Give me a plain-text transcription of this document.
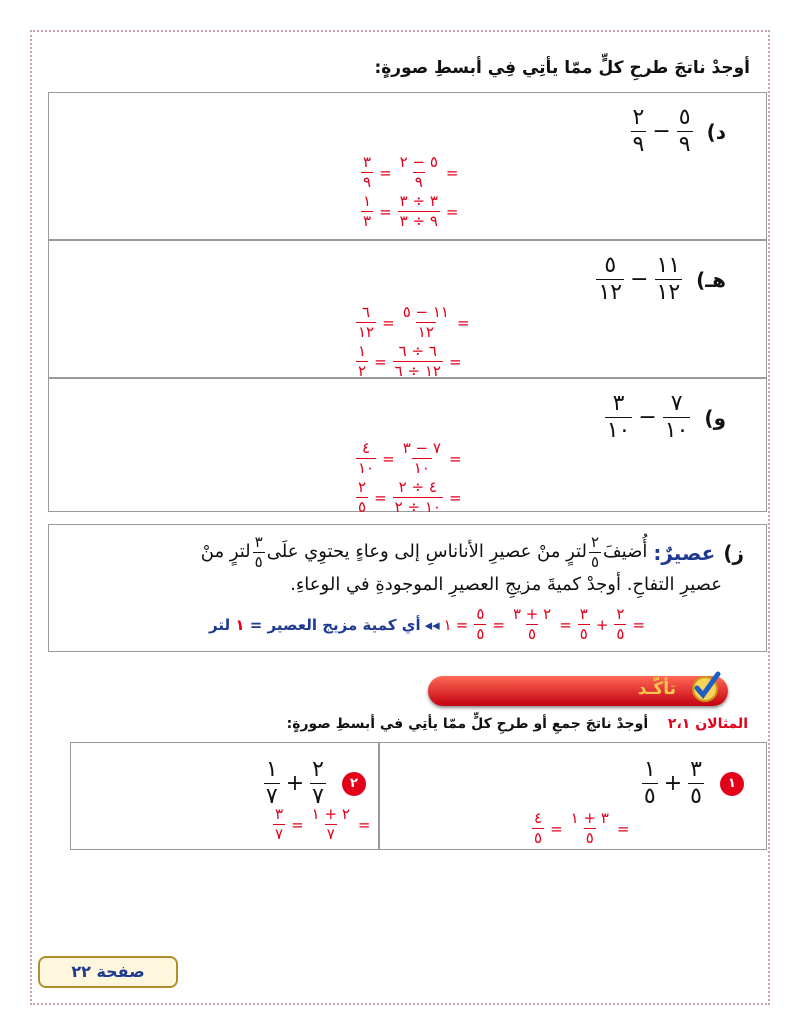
أوجدْ ناتجَ طرحِ كلٍّ ممّا يأتِي فِي أبسطِ صورةٍ:
د)
$\frac{٥}{٩}$
−
$\frac{٢}{٩}$
$\frac{٣}{٩} = \frac{٥ - ٢}{٩}$ =
$\frac{١}{٣} = \frac{٣ \div ٣}{٩ \div ٣}$ =
هـ)
$\frac{١١}{١٢}$
−
$\frac{٥}{١٢}$
$\frac{٦}{١٢} = \frac{١١ - ٥}{١٢}$ =
$\frac{١}{٢} = \frac{٦ \div ٦}{١٢ \div ٦}$ =
و)
$\frac{٧}{١٠}$
−
$\frac{٣}{١٠}$
$\frac{٤}{١٠} = \frac{٧ - ٣}{١٠}$ =
$\frac{٢}{٥} = \frac{٤ \div ٢}{١٠ \div ٢}$ =
ز)
عصيرٌ:
أُضيفَ
$\frac{٢}{٥}$
لترٍ منْ عصيرِ الأناناسِ إلى وعاءٍ يحتوِي علَى
$\frac{٣}{٥}$
لترٍ منْ
عصيرِ التفاحِ. أوجدْ كميةَ مزيجِ العصيرِ الموجودةِ في الوعاءِ.
أي كمية مزيج العصير = ١ لتر	◂◂ ١ = $\frac{٥}{٥} = \frac{٢ + ٣}{٥} = \frac{٣}{٥} + \frac{٢}{٥}$ =
تأكّـد
المثالان ٢،١  أوجدْ ناتجَ جمعِ أو طرحِ كلٍّ ممّا يأتِي في أبسطِ صورةٍ:
١
$\frac{٣}{٥}$
+
$\frac{١}{٥}$
$\frac{٤}{٥} = \frac{٣ + ١}{٥}$ =
٢
$\frac{٢}{٧}$
+
$\frac{١}{٧}$
$\frac{٣}{٧} = \frac{٢ + ١}{٧}$ =
صفحة ٢٢
